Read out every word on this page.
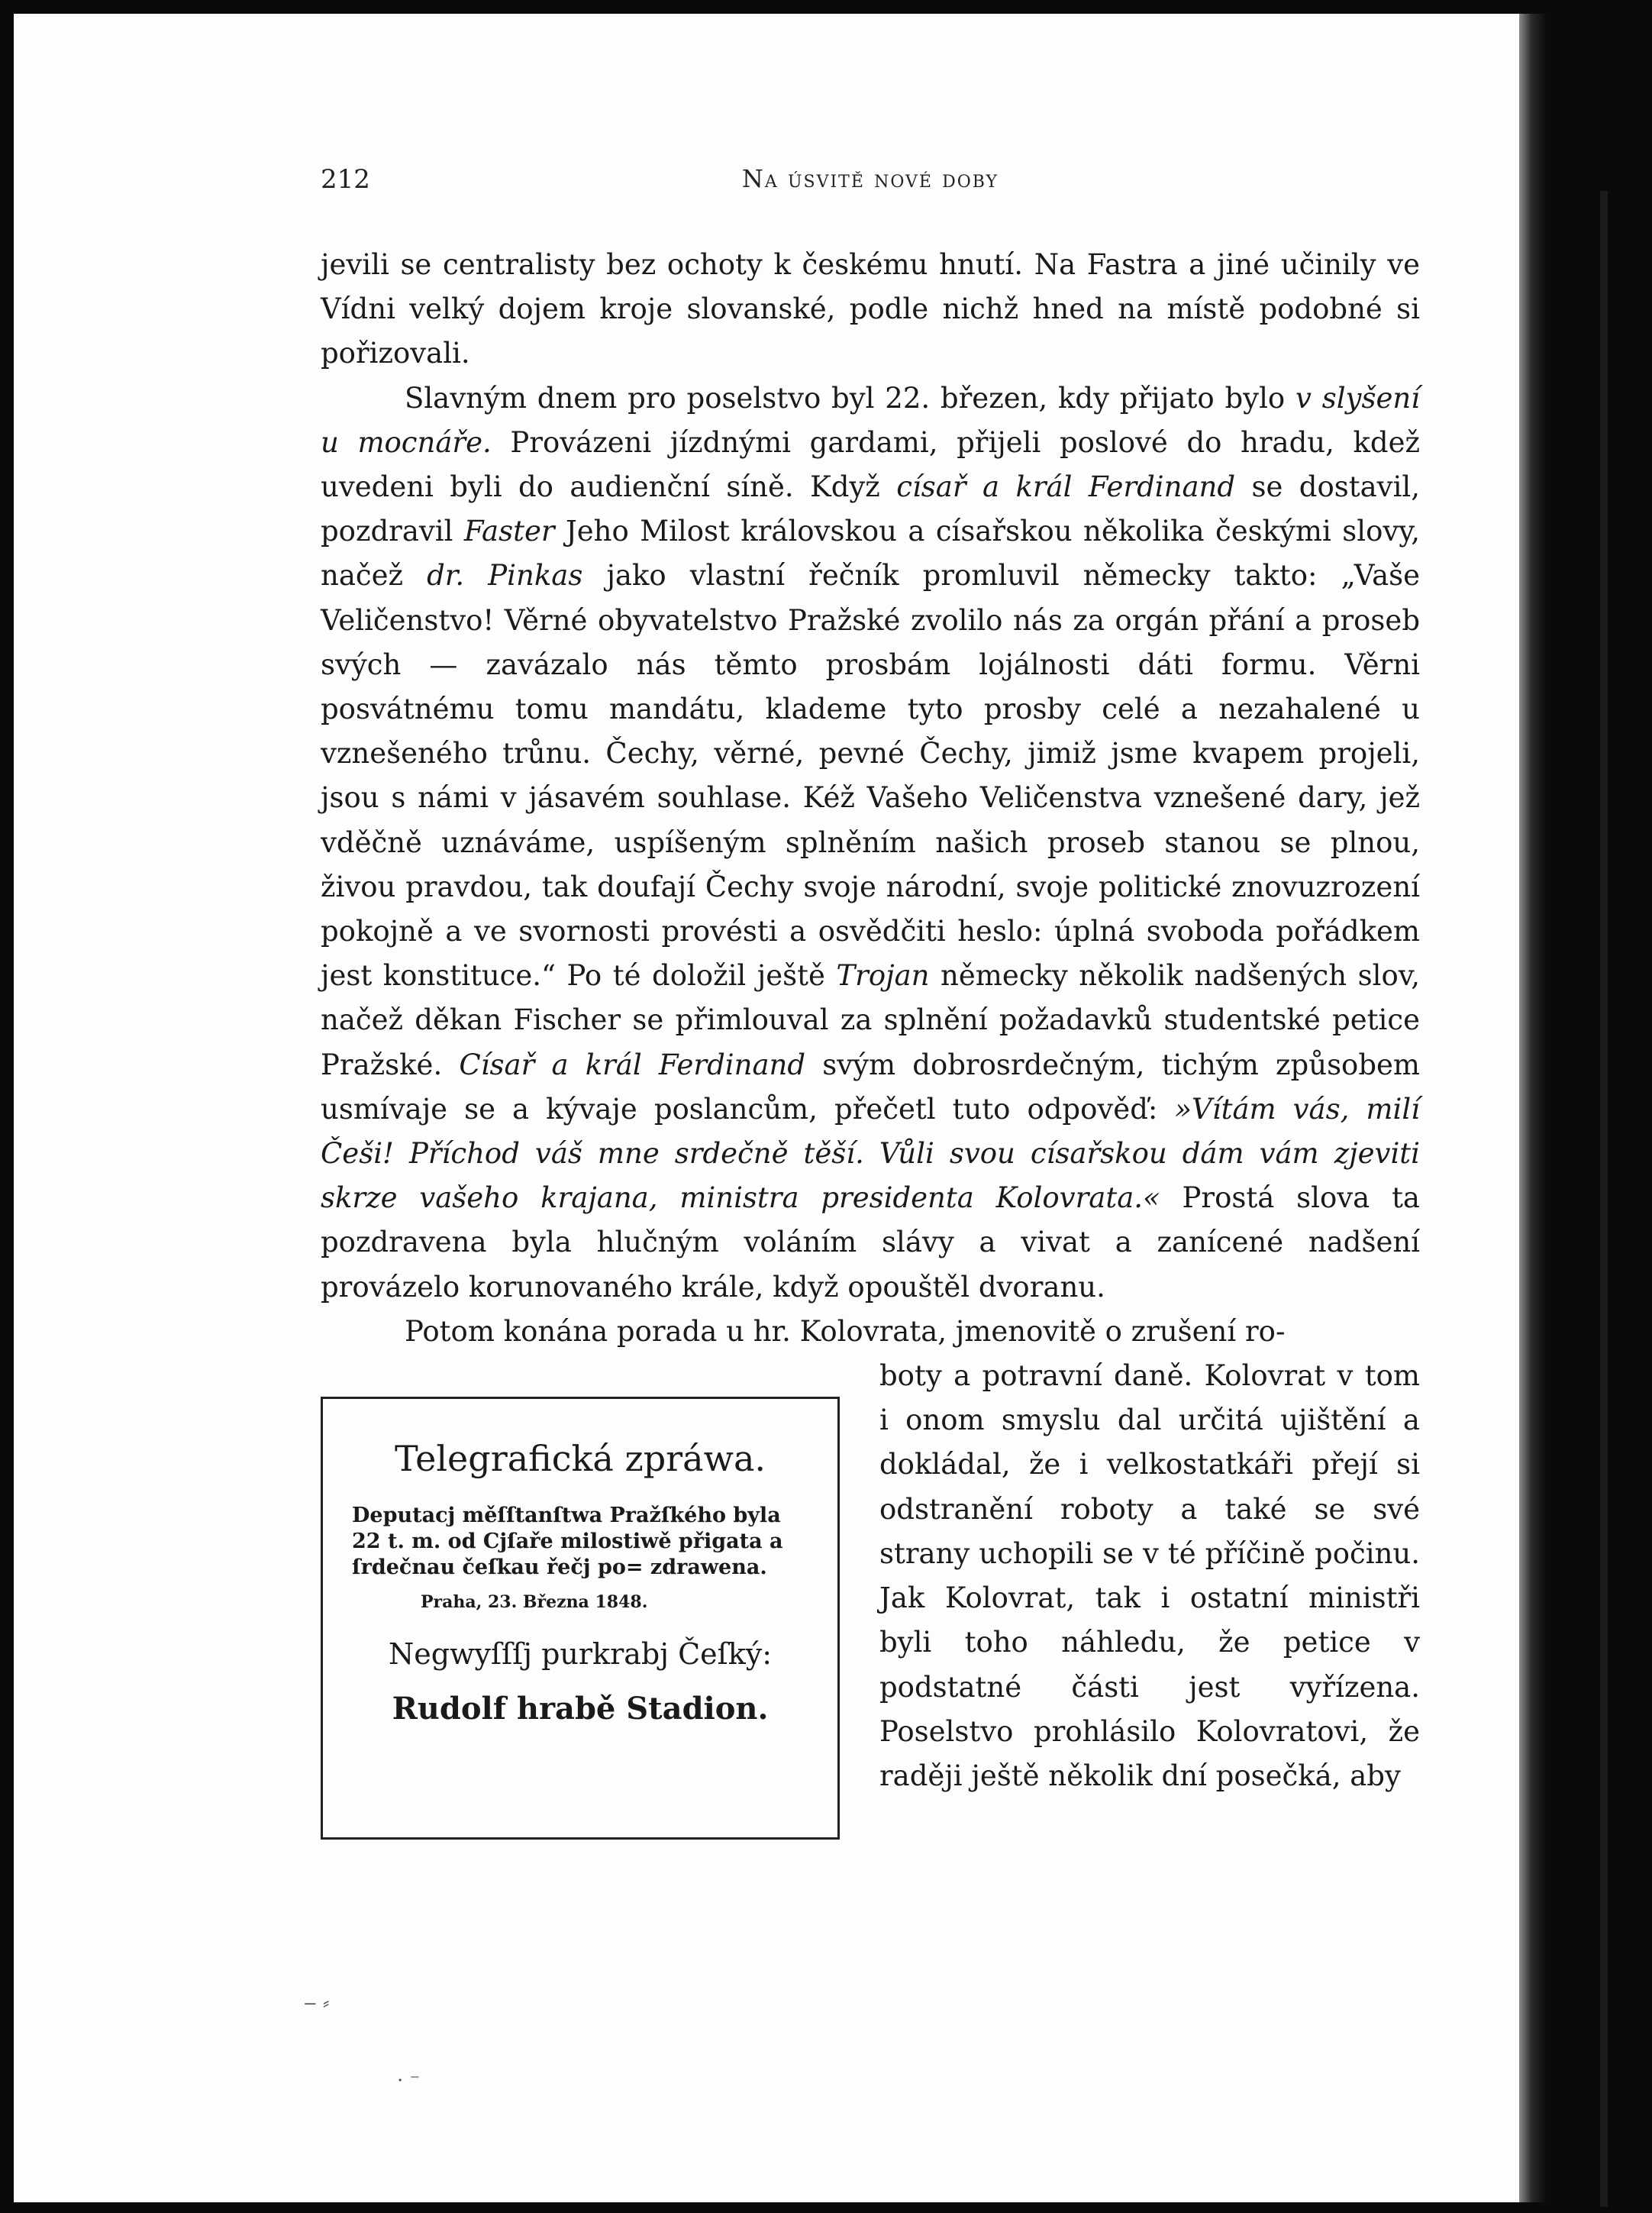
212	Na úsvitě nové doby

jevili se centralisty bez ochoty k českému hnutí. Na Fastra a jiné učinily ve Vídni velký dojem kroje slovanské, podle nichž hned na místě podobné si pořizovali.

Slavným dnem pro poselstvo byl 22. březen, kdy přijato bylo v slyšení u mocnáře. Provázeni jízdnými gardami, přijeli poslové do hradu, kdež uvedeni byli do audienční síně. Když císař a král Ferdinand se dostavil, pozdravil Faster Jeho Milost královskou a císařskou několika českými slovy, načež dr. Pinkas jako vlastní řečník promluvil německy takto: „Vaše Veličenstvo! Věrné obyvatelstvo Pražské zvolilo nás za orgán přání a proseb svých — zavázalo nás těmto prosbám lojálnosti dáti formu. Věrni posvátnému tomu mandátu, klademe tyto prosby celé a nezahalené u vznešeného trůnu. Čechy, věrné, pevné Čechy, jimiž jsme kvapem projeli, jsou s námi v jásavém souhlase. Kéž Vašeho Veličenstva vznešené dary, jež vděčně uznáváme, uspíšeným splněním našich proseb stanou se plnou, živou pravdou, tak doufají Čechy svoje národní, svoje politické znovuzrození pokojně a ve svornosti provésti a osvědčiti heslo: úplná svoboda pořádkem jest konstituce.“ Po té doložil ještě Trojan německy několik nadšených slov, načež děkan Fischer se přimlouval za splnění požadavků studentské petice Pražské. Císař a král Ferdinand svým dobrosrdečným, tichým způsobem usmívaje se a kývaje poslancům, přečetl tuto odpověď: »Vítám vás, milí Češi! Příchod váš mne srdečně těší. Vůli svou císařskou dám vám zjeviti skrze vašeho krajana, ministra presidenta Kolovrata.« Prostá slova ta pozdravena byla hlučným voláním slávy a vivat a zanícené nadšení provázelo korunovaného krále, když opouštěl dvoranu.

Potom konána porada u hr. Kolovrata, jmenovitě o zrušení ro-

Telegrafická zpráwa.
Deputacj měſſtanſtwa Pražſkého byla 22 t. m. od Cjſaře milostiwě přigata a ſrdečnau čeſkau řečj po= zdrawena.
Praha, 23. Března 1848.
Negwyſſſj purkrabj Čeſký:
Rudolf hrabě Stadion.

boty a potravní daně. Kolovrat v tom i onom smyslu dal určitá ujištění a dokládal, že i velkostatkáři přejí si odstranění roboty a také se své strany uchopili se v té příčině počinu. Jak Kolovrat, tak i ostatní ministři byli toho náhledu, že petice v podstatné části jest vyřízena. Poselstvo prohlásilo Kolovratovi, že raději ještě několik dní posečká, aby

‒ ⸗
· ⁻
